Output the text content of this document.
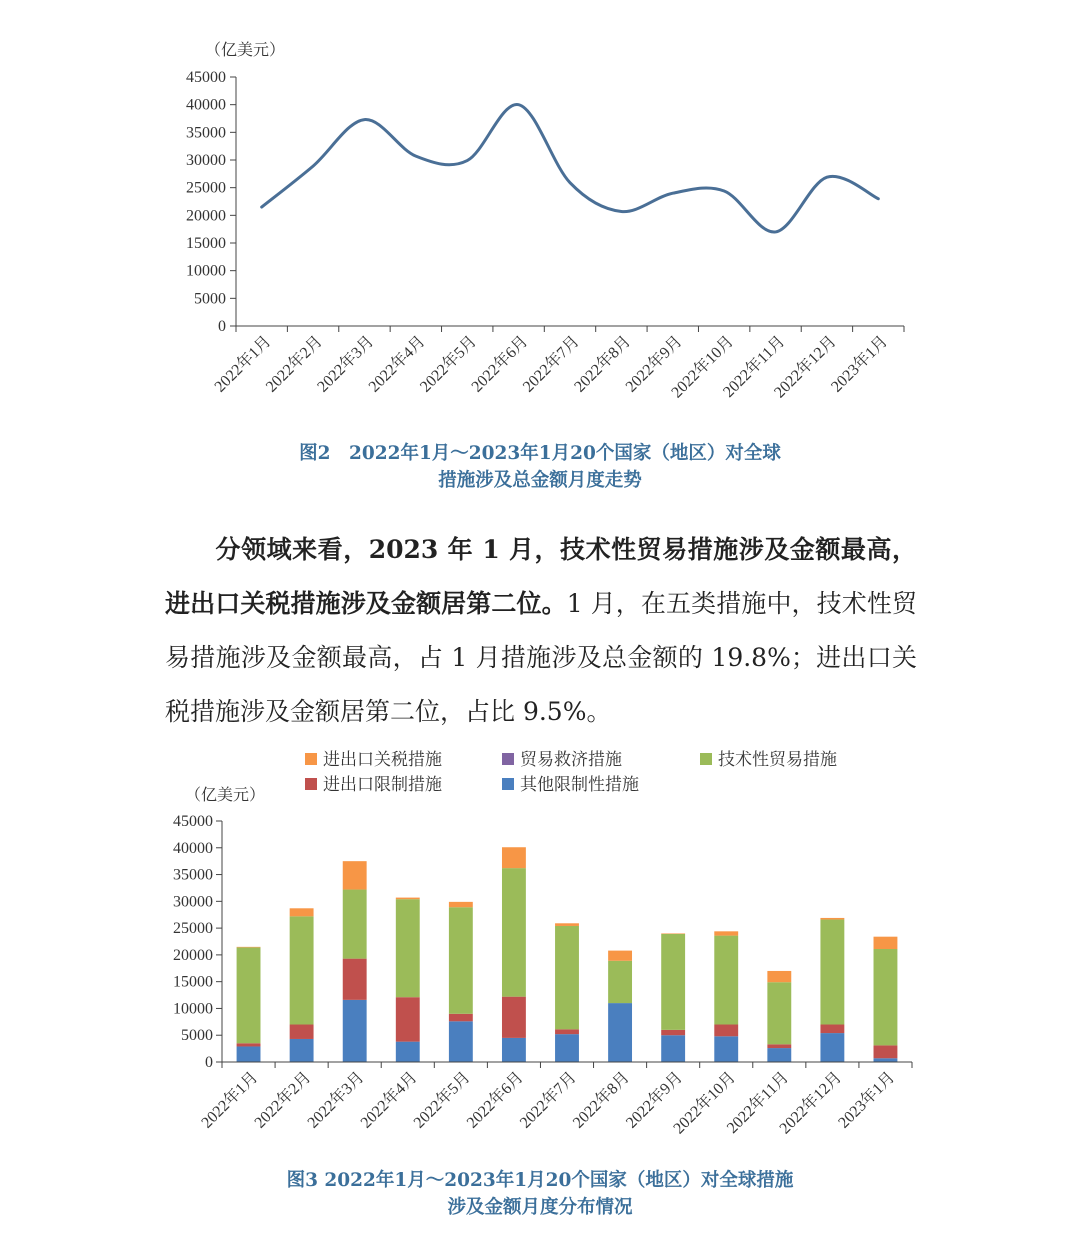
（亿美元）
0
5000
10000
15000
20000
25000
30000
35000
40000
45000
2022年1月
2022年2月
2022年3月
2022年4月
2022年5月
2022年6月
2022年7月
2022年8月
2022年9月
2022年10月
2022年11月
2022年12月
2023年1月
图2　2022年1月～2023年1月20个国家（地区）对全球
措施涉及总金额月度走势
分领域来看，2023 年 1 月，技术性贸易措施涉及金额最高，进出口关税措施涉及金额居第二位。1 月，在五类措施中，技术性贸易措施涉及金额最高，占 1 月措施涉及总金额的 19.8%；进出口关税措施涉及金额居第二位，占比 9.5%。
进出口关税措施	贸易救济措施	技术性贸易措施
进出口限制措施	其他限制性措施
（亿美元）
0
5000
10000
15000
20000
25000
30000
35000
40000
45000
2022年1月
2022年2月
2022年3月
2022年4月
2022年5月
2022年6月
2022年7月
2022年8月
2022年9月
2022年10月
2022年11月
2022年12月
2023年1月
图3 2022年1月～2023年1月20个国家（地区）对全球措施
涉及金额月度分布情况
